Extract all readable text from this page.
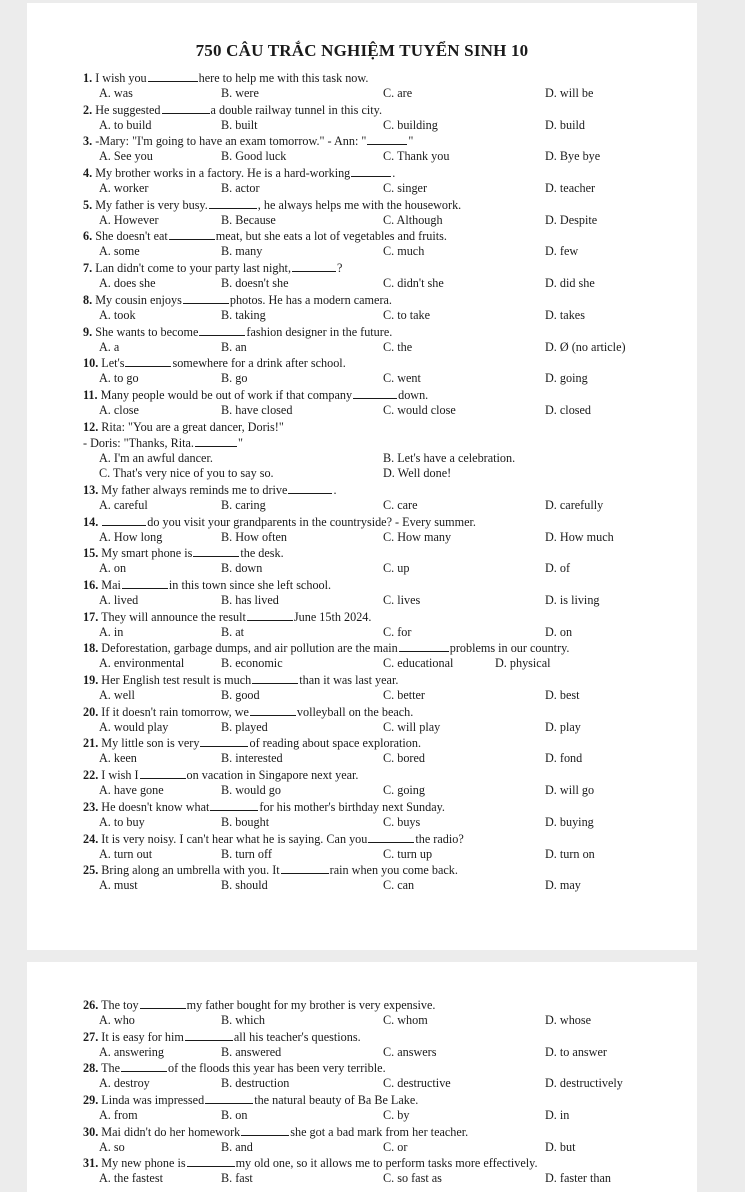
750 CÂU TRẮC NGHIỆM TUYỂN SINH 10
1. I wish you	here to help me with this task now.
A. was	B. were	C. are	D. will be
2. He suggested	a double railway tunnel in this city.
A. to build	B. built	C. building	D. build
3. -Mary: "I'm going to have an exam tomorrow." - Ann: "	"
A. See you	B. Good luck	C. Thank you	D. Bye bye
4. My brother works in a factory. He is a hard-working	.
A. worker	B. actor	C. singer	D. teacher
5. My father is very busy.	, he always helps me with the housework.
A. However	B. Because	C. Although	D. Despite
6. She doesn't eat	meat, but she eats a lot of vegetables and fruits.
A. some	B. many	C. much	D. few
7. Lan didn't come to your party last night,	?
A. does she	B. doesn't she	C. didn't she	D. did she
8. My cousin enjoys	photos. He has a modern camera.
A. took	B. taking	C. to take	D. takes
9. She wants to become	fashion designer in the future.
A. a	B. an	C. the	D. Ø (no article)
10. Let's	somewhere for a drink after school.
A. to go	B. go	C. went	D. going
11. Many people would be out of work if that company	down.
A. close	B. have closed	C. would close	D. closed
12. Rita: "You are a great dancer, Doris!"
- Doris: "Thanks, Rita.	"
A. I'm an awful dancer.	B. Let's have a celebration.
C. That's very nice of you to say so.	D. Well done!
13. My father always reminds me to drive	.
A. careful	B. caring	C. care	D. carefully
14.	do you visit your grandparents in the countryside? - Every summer.
A. How long	B. How often	C. How many	D. How much
15. My smart phone is	the desk.
A. on	B. down	C. up	D. of
16. Mai	in this town since she left school.
A. lived	B. has lived	C. lives	D. is living
17. They will announce the result	June 15th 2024.
A. in	B. at	C. for	D. on
18. Deforestation, garbage dumps, and air pollution are the main	problems in our country.
A. environmental	B. economic	C. educational	D. physical
19. Her English test result is much	than it was last year.
A. well	B. good	C. better	D. best
20. If it doesn't rain tomorrow, we	volleyball on the beach.
A. would play	B. played	C. will play	D. play
21. My little son is very	of reading about space exploration.
A. keen	B. interested	C. bored	D. fond
22. I wish I	on vacation in Singapore next year.
A. have gone	B. would go	C. going	D. will go
23. He doesn't know what	for his mother's birthday next Sunday.
A. to buy	B. bought	C. buys	D. buying
24. It is very noisy. I can't hear what he is saying. Can you	the radio?
A. turn out	B. turn off	C. turn up	D. turn on
25. Bring along an umbrella with you. It	rain when you come back.
A. must	B. should	C. can	D. may
26. The toy	my father bought for my brother is very expensive.
A. who	B. which	C. whom	D. whose
27. It is easy for him	all his teacher's questions.
A. answering	B. answered	C. answers	D. to answer
28. The	of the floods this year has been very terrible.
A. destroy	B. destruction	C. destructive	D. destructively
29. Linda was impressed	the natural beauty of Ba Be Lake.
A. from	B. on	C. by	D. in
30. Mai didn't do her homework	she got a bad mark from her teacher.
A. so	B. and	C. or	D. but
31. My new phone is	my old one, so it allows me to perform tasks more effectively.
A. the fastest	B. fast	C. so fast as	D. faster than
